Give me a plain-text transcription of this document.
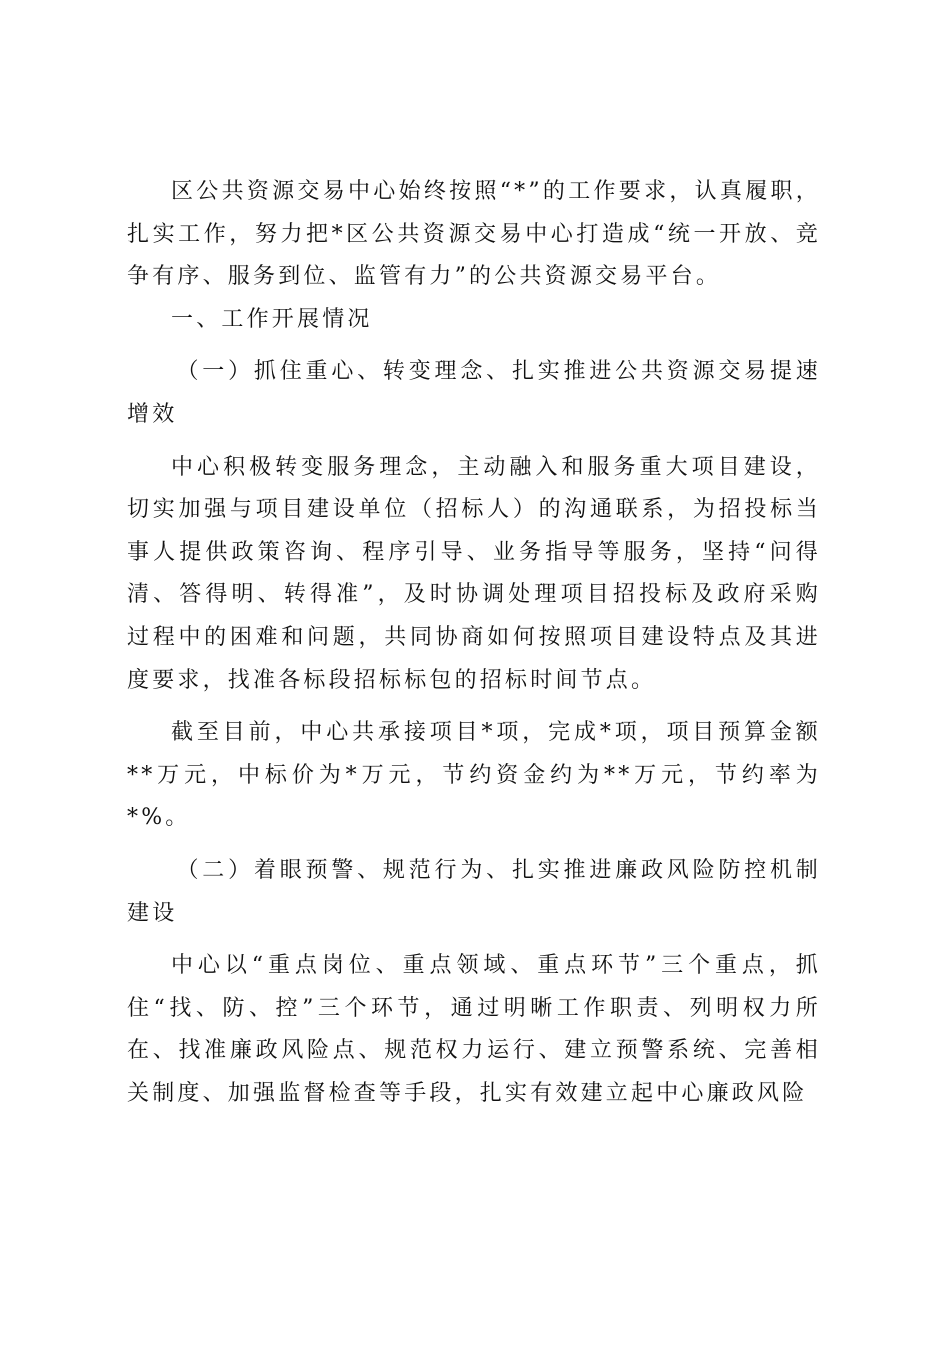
区公共资源交易中心始终按照“*”的工作要求，认真履职，扎实工作，努力把*区公共资源交易中心打造成“统一开放、竞争有序、服务到位、监管有力”的公共资源交易平台。

一、工作开展情况

（一）抓住重心、转变理念、扎实推进公共资源交易提速增效

中心积极转变服务理念，主动融入和服务重大项目建设，切实加强与项目建设单位（招标人）的沟通联系，为招投标当事人提供政策咨询、程序引导、业务指导等服务，坚持“问得清、答得明、转得准”，及时协调处理项目招投标及政府采购过程中的困难和问题，共同协商如何按照项目建设特点及其进度要求，找准各标段招标标包的招标时间节点。

截至目前，中心共承接项目*项，完成*项，项目预算金额**万元，中标价为*万元，节约资金约为**万元，节约率为*%。

（二）着眼预警、规范行为、扎实推进廉政风险防控机制建设

中心以“重点岗位、重点领域、重点环节”三个重点，抓住“找、防、控”三个环节，通过明晰工作职责、列明权力所在、找准廉政风险点、规范权力运行、建立预警系统、完善相关制度、加强监督检查等手段，扎实有效建立起中心廉政风险
